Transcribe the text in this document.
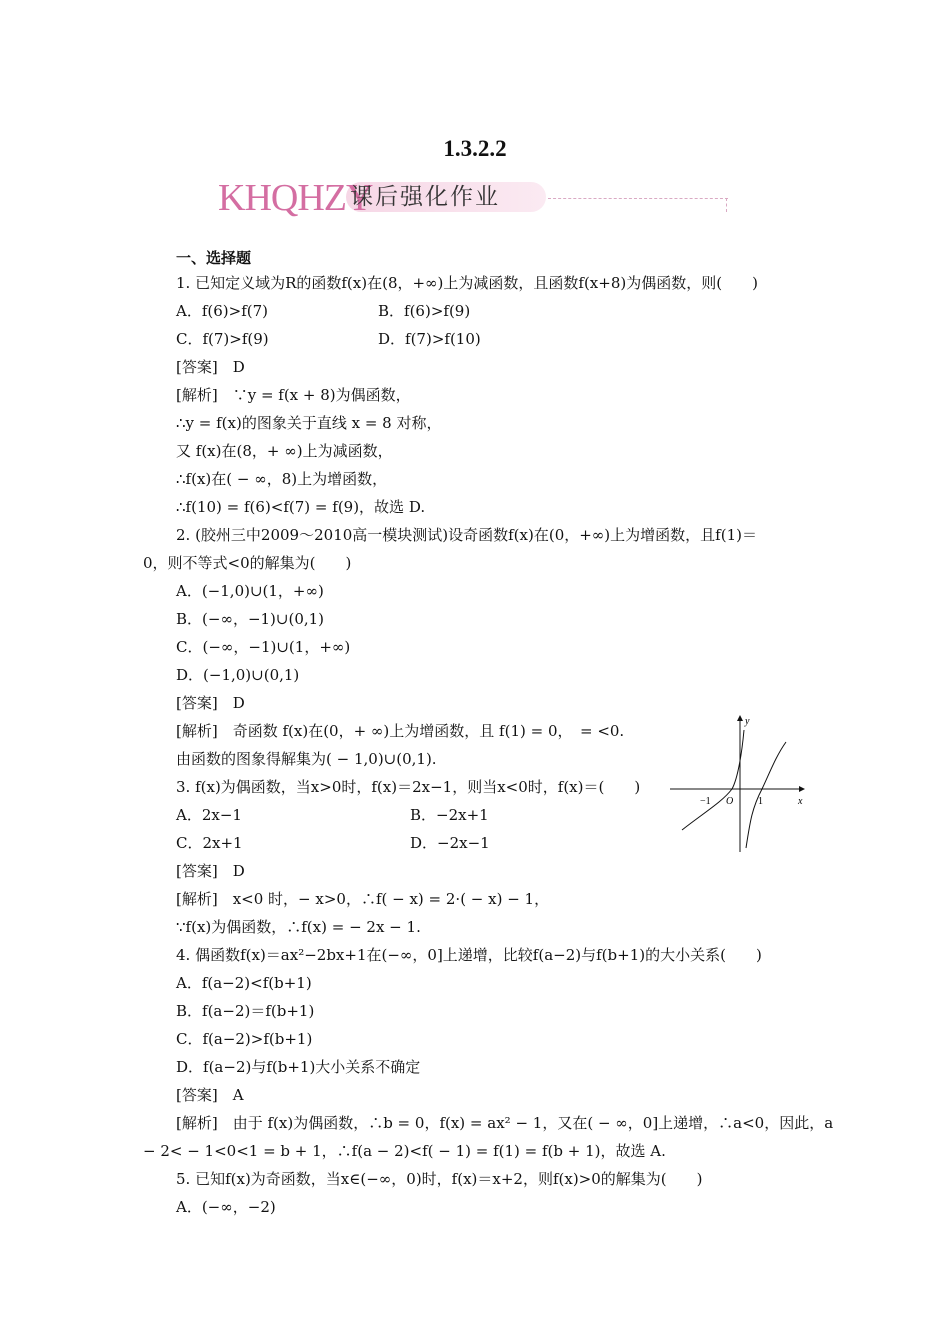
1.3.2.2
KHQHZY
课后强化作业
一、选择题
1. 已知定义域为R的函数f(x)在(8，+∞)上为减函数，且函数f(x+8)为偶函数，则(　　)
A．f(6)>f(7)	B．f(6)>f(9)
C．f(7)>f(9)	D．f(7)>f(10)
[答案]　D
[解析]　∵y = f(x + 8)为偶函数，
∴y = f(x)的图象关于直线 x = 8 对称，
又 f(x)在(8，+ ∞)上为减函数，
∴f(x)在( − ∞，8)上为增函数，
∴f(10) = f(6)<f(7) = f(9)，故选 D.
2. (胶州三中2009～2010高一模块测试)设奇函数f(x)在(0，+∞)上为增函数，且f(1)＝
0，则不等式<0的解集为(　　)
A．(−1,0)∪(1，+∞)
B．(−∞，−1)∪(0,1)
C．(−∞，−1)∪(1，+∞)
D．(−1,0)∪(0,1)
[答案]　D
[解析]　奇函数 f(x)在(0，+ ∞)上为增函数，且 f(1) = 0，　= <0.
由函数的图象得解集为( − 1,0)∪(0,1).
3. f(x)为偶函数，当x>0时，f(x)＝2x−1，则当x<0时，f(x)＝(　　)
A．2x−1	B．−2x+1
C．2x+1	D．−2x−1
[答案]　D
[解析]　x<0 时，− x>0，∴f( − x) = 2·( − x) − 1，
∵f(x)为偶函数，∴f(x) = − 2x − 1.
4. 偶函数f(x)＝ax²−2bx+1在(−∞，0]上递增，比较f(a−2)与f(b+1)的大小关系(　　)
A．f(a−2)<f(b+1)
B．f(a−2)＝f(b+1)
C．f(a−2)>f(b+1)
D．f(a−2)与f(b+1)大小关系不确定
[答案]　A
[解析]　由于 f(x)为偶函数，∴b = 0，f(x) = ax² − 1，又在( − ∞，0]上递增，∴a<0，因此，a
− 2< − 1<0<1 = b + 1，∴f(a − 2)<f( − 1) = f(1) = f(b + 1)，故选 A.
5. 已知f(x)为奇函数，当x∈(−∞，0)时，f(x)＝x+2，则f(x)>0的解集为(　　)
A．(−∞，−2)
y
x
O
−1	1
